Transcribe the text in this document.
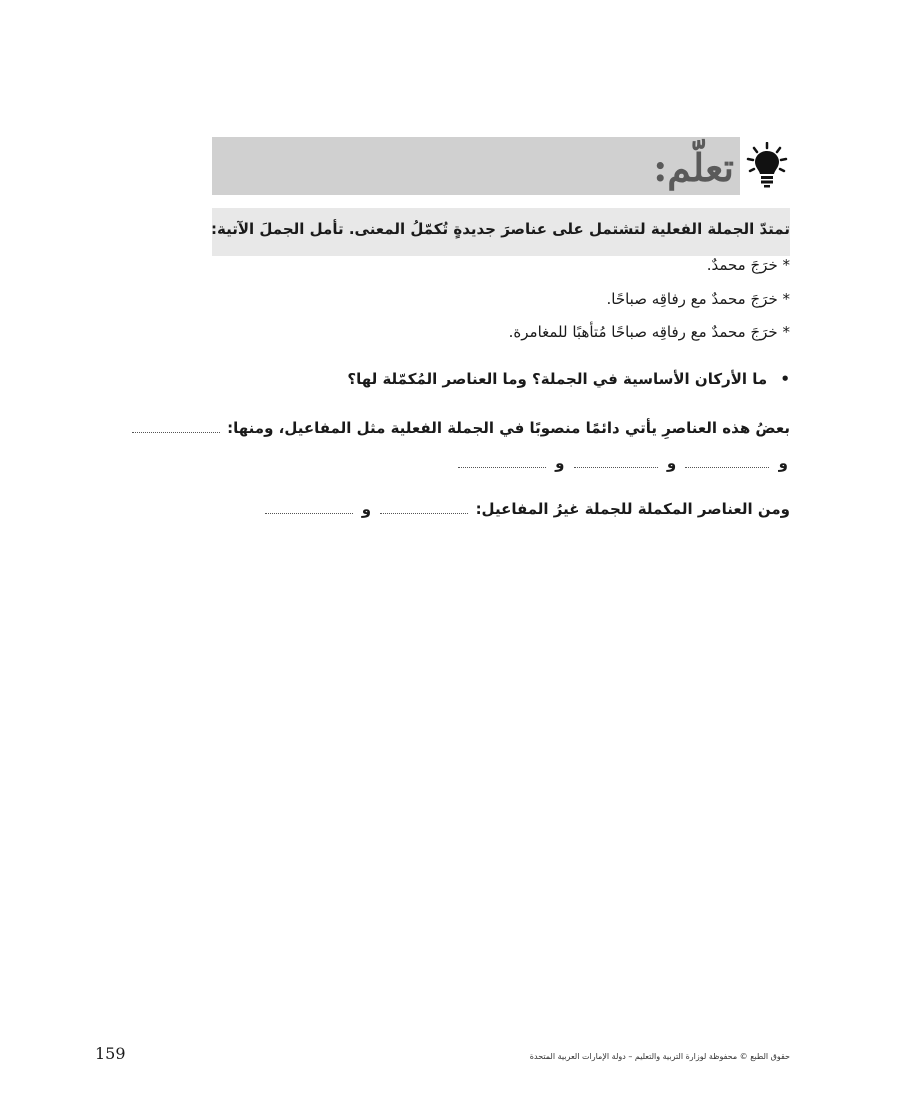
تعلّم:
تمتدّ الجملة الفعلية لتشتمل على عناصرَ جديدةٍ تُكمّلُ المعنى. تأمل الجملَ الآتية:
* خرَجَ محمدٌ.
* خرَجَ محمدٌ مع رفاقِه صباحًا.
* خرَجَ محمدٌ مع رفاقِه صباحًا مُتأهبًا للمغامرة.
• ما الأركان الأساسية في الجملة؟ وما العناصر المُكمّلة لها؟
بعضُ هذه العناصرِ يأتي دائمًا منصوبًا في الجملة الفعلية مثل المفاعيل، ومنها:
و  و  و
ومن العناصر المكملة للجملة غيرُ المفاعيل:  و
159	حقوق الطبع © محفوظة لوزارة التربية والتعليم – دولة الإمارات العربية المتحدة
